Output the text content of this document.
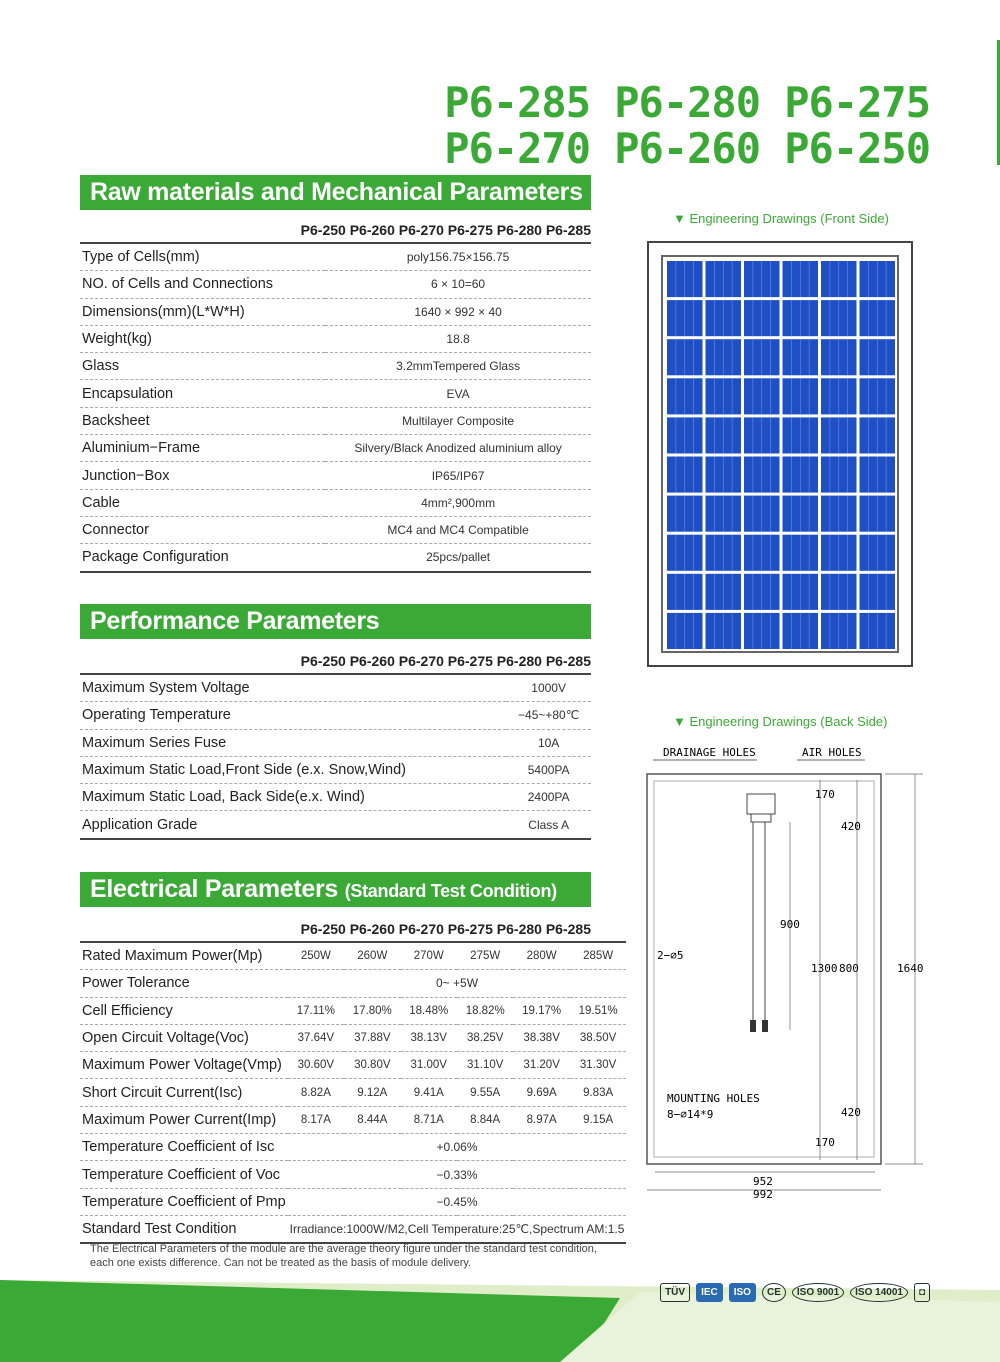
P6-285 P6-280 P6-275
P6-270 P6-260 P6-250
Raw materials and Mechanical Parameters
P6-250 P6-260 P6-270 P6-275 P6-280 P6-285
Type of Cells(mm)	poly156.75×156.75
NO. of Cells and Connections	6 × 10=60
Dimensions(mm)(L*W*H)	1640 × 992 × 40
Weight(kg)	18.8
Glass	3.2mmTempered Glass
Encapsulation	EVA
Backsheet	Multilayer Composite
Aluminium−Frame	Silvery/Black Anodized aluminium alloy
Junction−Box	IP65/IP67
Cable	4mm²,900mm
Connector	MC4 and MC4 Compatible
Package Configuration	25pcs/pallet
Performance Parameters
P6-250 P6-260 P6-270 P6-275 P6-280 P6-285
Maximum System Voltage	1000V
Operating Temperature	−45~+80℃
Maximum Series Fuse	10A
Maximum Static Load,Front Side (e.x. Snow,Wind)	5400PA
Maximum Static Load, Back Side(e.x. Wind)	2400PA
Application Grade	Class A
Electrical Parameters (Standard Test Condition)
P6-250 P6-260 P6-270 P6-275 P6-280 P6-285
Rated Maximum Power(Mp)	250W	260W	270W	275W	280W	285W
Power Tolerance	0~ +5W					
Cell Efficiency	17.11%	17.80%	18.48%	18.82%	19.17%	19.51%
Open Circuit Voltage(Voc)	37.64V	37.88V	38.13V	38.25V	38.38V	38.50V
Maximum Power Voltage(Vmp)	30.60V	30.80V	31.00V	31.10V	31.20V	31.30V
Short Circuit Current(Isc)	8.82A	9.12A	9.41A	9.55A	9.69A	9.83A
Maximum Power Current(Imp)	8.17A	8.44A	8.71A	8.84A	8.97A	9.15A
Temperature Coefficient of Isc	+0.06%					
Temperature Coefficient of Voc	−0.33%					
Temperature Coefficient of Pmp	−0.45%					
Standard Test Condition	Irradiance:1000W/M2,Cell Temperature:25℃,Spectrum AM:1.5					
The Electrical Parameters of the module are the average theory figure under the standard test condition, each one exists difference. Can not be treated as the basis of module delivery.
▼ Engineering Drawings (Front Side)
▼ Engineering Drawings (Back Side)
DRAINAGE HOLES	AIR HOLES
170
420
900
1300 800	1640
2−⌀5
MOUNTING HOLES
8−⌀14*9	420
170
952
992
TÜV	IEC	ISO	CE	ISO 9001	ISO 14001	◘
